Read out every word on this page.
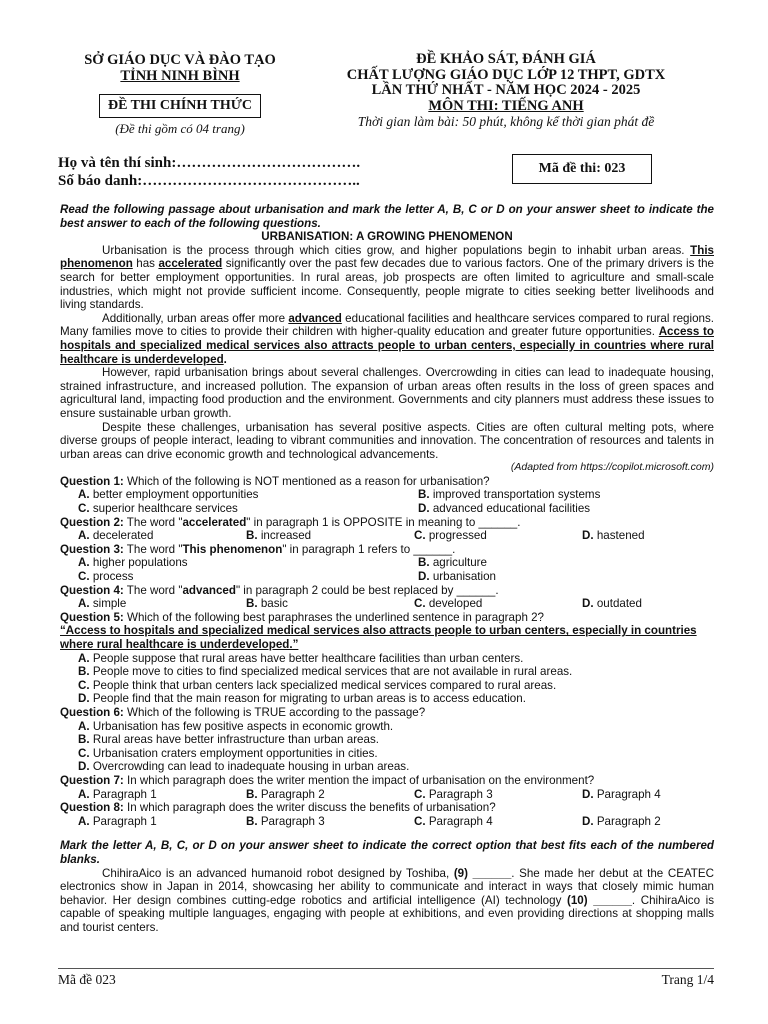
SỞ GIÁO DỤC VÀ ĐÀO TẠO
TỈNH NINH BÌNH
ĐỀ THI CHÍNH THỨC
(Đề thi gồm có 04 trang)
ĐỀ KHẢO SÁT, ĐÁNH GIÁ
CHẤT LƯỢNG GIÁO DỤC LỚP 12 THPT, GDTX
LẦN THỨ NHẤT - NĂM HỌC 2024 - 2025
MÔN THI: TIẾNG ANH
Thời gian làm bài: 50 phút, không kể thời gian phát đề
Họ và tên thí sinh:……………………………….
Số báo danh:……………………………………..
Mã đề thi: 023
Read the following passage about urbanisation and mark the letter A, B, C or D on your answer sheet to indicate the best answer to each of the following questions.
URBANISATION: A GROWING PHENOMENON
Urbanisation is the process through which cities grow, and higher populations begin to inhabit urban areas. This phenomenon has accelerated significantly over the past few decades due to various factors. One of the primary drivers is the search for better employment opportunities. In rural areas, job prospects are often limited to agriculture and small-scale industries, which might not provide sufficient income. Consequently, people migrate to cities seeking better livelihoods and living standards.
Additionally, urban areas offer more advanced educational facilities and healthcare services compared to rural regions. Many families move to cities to provide their children with higher-quality education and greater future opportunities. Access to hospitals and specialized medical services also attracts people to urban centers, especially in countries where rural healthcare is underdeveloped.
However, rapid urbanisation brings about several challenges. Overcrowding in cities can lead to inadequate housing, strained infrastructure, and increased pollution. The expansion of urban areas often results in the loss of green spaces and agricultural land, impacting food production and the environment. Governments and city planners must address these issues to ensure sustainable urban growth.
Despite these challenges, urbanisation has several positive aspects. Cities are often cultural melting pots, where diverse groups of people interact, leading to vibrant communities and innovation. The concentration of resources and talents in urban areas can drive economic growth and technological advancements.
(Adapted from https://copilot.microsoft.com)
Question 1: Which of the following is NOT mentioned as a reason for urbanisation?
A. better employment opportunities	B. improved transportation systems
C. superior healthcare services	D. advanced educational facilities
Question 2: The word "accelerated" in paragraph 1 is OPPOSITE in meaning to ______.
A. decelerated	B. increased	C. progressed	D. hastened
Question 3: The word "This phenomenon" in paragraph 1 refers to ______.
A. higher populations	B. agriculture
C. process	D. urbanisation
Question 4: The word "advanced" in paragraph 2 could be best replaced by ______.
A. simple	B. basic	C. developed	D. outdated
Question 5: Which of the following best paraphrases the underlined sentence in paragraph 2?
“Access to hospitals and specialized medical services also attracts people to urban centers, especially in countries where rural healthcare is underdeveloped.”
A. People suppose that rural areas have better healthcare facilities than urban centers.
B. People move to cities to find specialized medical services that are not available in rural areas.
C. People think that urban centers lack specialized medical services compared to rural areas.
D. People find that the main reason for migrating to urban areas is to access education.
Question 6: Which of the following is TRUE according to the passage?
A. Urbanisation has few positive aspects in economic growth.
B. Rural areas have better infrastructure than urban areas.
C. Urbanisation craters employment opportunities in cities.
D. Overcrowding can lead to inadequate housing in urban areas.
Question 7: In which paragraph does the writer mention the impact of urbanisation on the environment?
A. Paragraph 1	B. Paragraph 2	C. Paragraph 3	D. Paragraph 4
Question 8: In which paragraph does the writer discuss the benefits of urbanisation?
A. Paragraph 1	B. Paragraph 3	C. Paragraph 4	D. Paragraph 2
Mark the letter A, B, C, or D on your answer sheet to indicate the correct option that best fits each of the numbered blanks.
ChihiraAico is an advanced humanoid robot designed by Toshiba, (9) ______. She made her debut at the CEATEC electronics show in Japan in 2014, showcasing her ability to communicate and interact in ways that closely mimic human behavior. Her design combines cutting-edge robotics and artificial intelligence (AI) technology (10) ______. ChihiraAico is capable of speaking multiple languages, engaging with people at exhibitions, and even providing directions at shopping malls and tourist centers.
Mã đề 023	Trang 1/4
